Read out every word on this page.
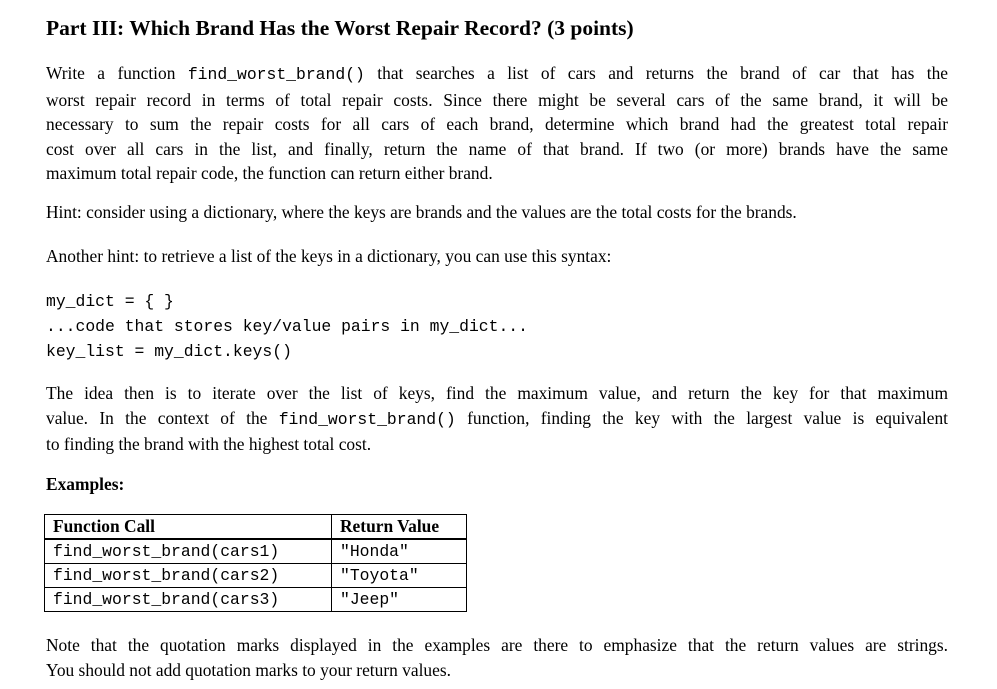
Part III: Which Brand Has the Worst Repair Record? (3 points)

Write a function find_worst_brand() that searches a list of cars and returns the brand of car that has the
worst repair record in terms of total repair costs. Since there might be several cars of the same brand, it will be
necessary to sum the repair costs for all cars of each brand, determine which brand had the greatest total repair
cost over all cars in the list, and finally, return the name of that brand. If two (or more) brands have the same
maximum total repair code, the function can return either brand.

Hint: consider using a dictionary, where the keys are brands and the values are the total costs for the brands.

Another hint: to retrieve a list of the keys in a dictionary, you can use this syntax:

my_dict = { }
...code that stores key/value pairs in my_dict...
key_list = my_dict.keys()

The idea then is to iterate over the list of keys, find the maximum value, and return the key for that maximum
value. In the context of the find_worst_brand() function, finding the key with the largest value is equivalent
to finding the brand with the highest total cost.

Examples:

Function Call	Return Value
find_worst_brand(cars1)	"Honda"
find_worst_brand(cars2)	"Toyota"
find_worst_brand(cars3)	"Jeep"

Note that the quotation marks displayed in the examples are there to emphasize that the return values are strings.
You should not add quotation marks to your return values.
